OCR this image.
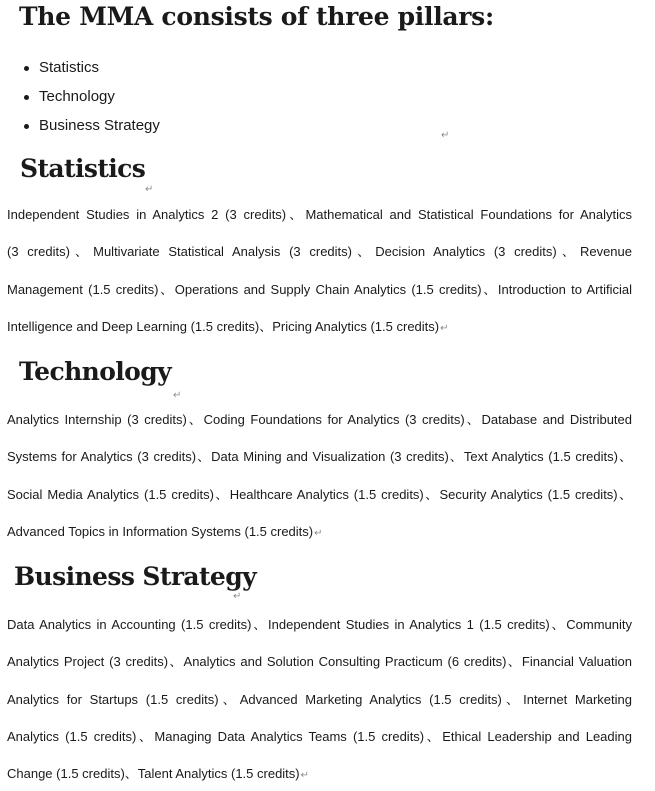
The MMA consists of three pillars:
Statistics
Technology
Business Strategy
↵
Statistics
↵
Independent Studies in Analytics 2 (3 credits)、Mathematical and Statistical Foundations for Analytics
(3 credits)、Multivariate Statistical Analysis (3 credits)、Decision Analytics (3 credits)、Revenue
Management (1.5 credits)、Operations and Supply Chain Analytics (1.5 credits)、Introduction to Artificial
Intelligence and Deep Learning (1.5 credits)、Pricing Analytics (1.5 credits)↵
Technology
↵
Analytics Internship (3 credits)、Coding Foundations for Analytics (3 credits)、Database and Distributed
Systems for Analytics (3 credits)、Data Mining and Visualization (3 credits)、Text Analytics (1.5 credits)、
Social Media Analytics (1.5 credits)、Healthcare Analytics (1.5 credits)、Security Analytics (1.5 credits)、
Advanced Topics in Information Systems (1.5 credits)↵
Business Strategy
↵
Data Analytics in Accounting (1.5 credits)、Independent Studies in Analytics 1 (1.5 credits)、Community
Analytics Project (3 credits)、Analytics and Solution Consulting Practicum (6 credits)、Financial Valuation
Analytics for Startups (1.5 credits)、Advanced Marketing Analytics (1.5 credits)、Internet Marketing
Analytics (1.5 credits)、Managing Data Analytics Teams (1.5 credits)、Ethical Leadership and Leading
Change (1.5 credits)、Talent Analytics (1.5 credits)↵
